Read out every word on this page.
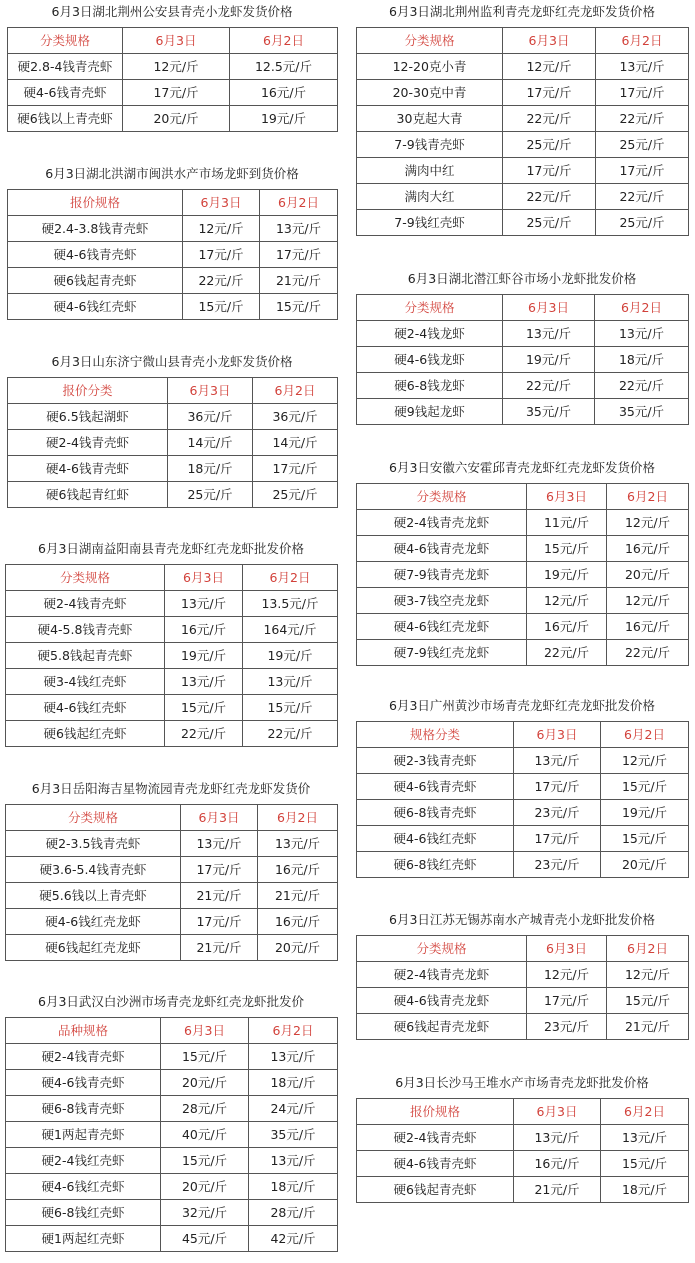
6月3日湖北荆州公安县青壳小龙虾发货价格
分类规格	6月3日	6月2日
硬2.8-4钱青壳虾	12元/斤	12.5元/斤
硬4-6钱青壳虾	17元/斤	16元/斤
硬6钱以上青壳虾	20元/斤	19元/斤
6月3日湖北洪湖市闽洪水产市场龙虾到货价格
报价规格	6月3日	6月2日
硬2.4-3.8钱青壳虾	12元/斤	13元/斤
硬4-6钱青壳虾	17元/斤	17元/斤
硬6钱起青壳虾	22元/斤	21元/斤
硬4-6钱红壳虾	15元/斤	15元/斤
6月3日山东济宁微山县青壳小龙虾发货价格
报价分类	6月3日	6月2日
硬6.5钱起湖虾	36元/斤	36元/斤
硬2-4钱青壳虾	14元/斤	14元/斤
硬4-6钱青壳虾	18元/斤	17元/斤
硬6钱起青红虾	25元/斤	25元/斤
6月3日湖南益阳南县青壳龙虾红壳龙虾批发价格
分类规格	6月3日	6月2日
硬2-4钱青壳虾	13元/斤	13.5元/斤
硬4-5.8钱青壳虾	16元/斤	164元/斤
硬5.8钱起青壳虾	19元/斤	19元/斤
硬3-4钱红壳虾	13元/斤	13元/斤
硬4-6钱红壳虾	15元/斤	15元/斤
硬6钱起红壳虾	22元/斤	22元/斤
6月3日岳阳海吉星物流园青壳龙虾红壳龙虾发货价
分类规格	6月3日	6月2日
硬2-3.5钱青壳虾	13元/斤	13元/斤
硬3.6-5.4钱青壳虾	17元/斤	16元/斤
硬5.6钱以上青壳虾	21元/斤	21元/斤
硬4-6钱红壳龙虾	17元/斤	16元/斤
硬6钱起红壳龙虾	21元/斤	20元/斤
6月3日武汉白沙洲市场青壳龙虾红壳龙虾批发价
品种规格	6月3日	6月2日
硬2-4钱青壳虾	15元/斤	13元/斤
硬4-6钱青壳虾	20元/斤	18元/斤
硬6-8钱青壳虾	28元/斤	24元/斤
硬1两起青壳虾	40元/斤	35元/斤
硬2-4钱红壳虾	15元/斤	13元/斤
硬4-6钱红壳虾	20元/斤	18元/斤
硬6-8钱红壳虾	32元/斤	28元/斤
硬1两起红壳虾	45元/斤	42元/斤
6月3日湖北荆州监利青壳龙虾红壳龙虾发货价格
分类规格	6月3日	6月2日
12-20克小青	12元/斤	13元/斤
20-30克中青	17元/斤	17元/斤
30克起大青	22元/斤	22元/斤
7-9钱青壳虾	25元/斤	25元/斤
满肉中红	17元/斤	17元/斤
满肉大红	22元/斤	22元/斤
7-9钱红壳虾	25元/斤	25元/斤
6月3日湖北潜江虾谷市场小龙虾批发价格
分类规格	6月3日	6月2日
硬2-4钱龙虾	13元/斤	13元/斤
硬4-6钱龙虾	19元/斤	18元/斤
硬6-8钱龙虾	22元/斤	22元/斤
硬9钱起龙虾	35元/斤	35元/斤
6月3日安徽六安霍邱青壳龙虾红壳龙虾发货价格
分类规格	6月3日	6月2日
硬2-4钱青壳龙虾	11元/斤	12元/斤
硬4-6钱青壳龙虾	15元/斤	16元/斤
硬7-9钱青壳龙虾	19元/斤	20元/斤
硬3-7钱空壳龙虾	12元/斤	12元/斤
硬4-6钱红壳龙虾	16元/斤	16元/斤
硬7-9钱红壳龙虾	22元/斤	22元/斤
6月3日广州黄沙市场青壳龙虾红壳龙虾批发价格
规格分类	6月3日	6月2日
硬2-3钱青壳虾	13元/斤	12元/斤
硬4-6钱青壳虾	17元/斤	15元/斤
硬6-8钱青壳虾	23元/斤	19元/斤
硬4-6钱红壳虾	17元/斤	15元/斤
硬6-8钱红壳虾	23元/斤	20元/斤
6月3日江苏无锡苏南水产城青壳小龙虾批发价格
分类规格	6月3日	6月2日
硬2-4钱青壳龙虾	12元/斤	12元/斤
硬4-6钱青壳龙虾	17元/斤	15元/斤
硬6钱起青壳龙虾	23元/斤	21元/斤
6月3日长沙马王堆水产市场青壳龙虾批发价格
报价规格	6月3日	6月2日
硬2-4钱青壳虾	13元/斤	13元/斤
硬4-6钱青壳虾	16元/斤	15元/斤
硬6钱起青壳虾	21元/斤	18元/斤
